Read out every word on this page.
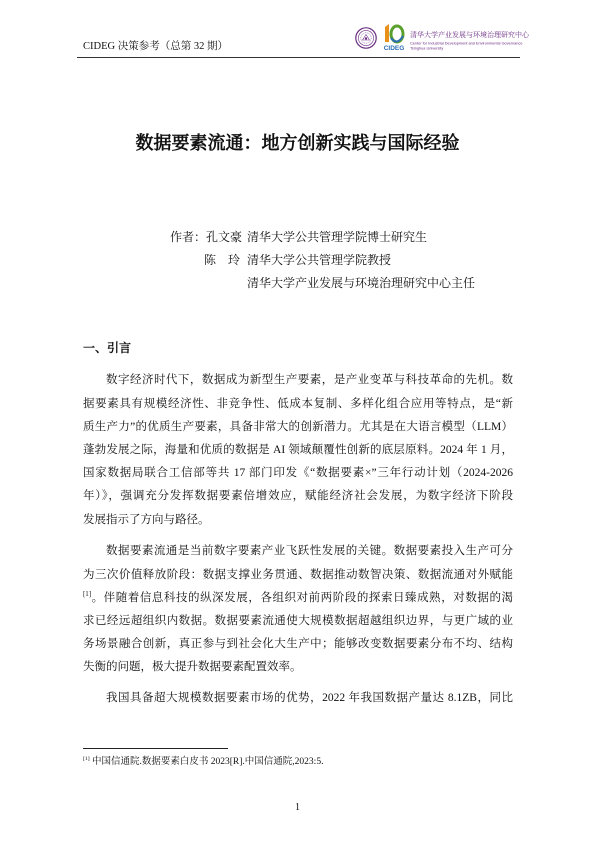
CIDEG 决策参考（总第 32 期）	CIDEG
清华大学产业发展与环境治理研究中心
Center for Industrial Development and Environmental Governance
Tsinghua University
数据要素流通：地方创新实践与国际经验
作者： 孔文豪 清华大学公共管理学院博士研究生
陈　玲 清华大学公共管理学院教授
清华大学产业发展与环境治理研究中心主任
一、引言
数字经济时代下，数据成为新型生产要素，是产业变革与科技革命的先机。数
据要素具有规模经济性、非竞争性、低成本复制、多样化组合应用等特点，是“新
质生产力”的优质生产要素，具备非常大的创新潜力。尤其是在大语言模型（LLM）
蓬勃发展之际，海量和优质的数据是 AI 领域颠覆性创新的底层原料。2024 年 1 月，
国家数据局联合工信部等共 17 部门印发《“数据要素×”三年行动计划（2024-2026
年）》，强调充分发挥数据要素倍增效应，赋能经济社会发展，为数字经济下阶段
发展指示了方向与路径。
数据要素流通是当前数字要素产业飞跃性发展的关键。数据要素投入生产可分
为三次价值释放阶段：数据支撑业务贯通、数据推动数智决策、数据流通对外赋能
[1]。伴随着信息科技的纵深发展，各组织对前两阶段的探索日臻成熟，对数据的渴
求已经远超组织内数据。数据要素流通使大规模数据超越组织边界，与更广域的业
务场景融合创新，真正参与到社会化大生产中；能够改变数据要素分布不均、结构
失衡的问题，极大提升数据要素配置效率。
我国具备超大规模数据要素市场的优势，2022 年我国数据产量达 8.1ZB，同比
[1] 中国信通院.数据要素白皮书 2023[R].中国信通院,2023:5.
1
